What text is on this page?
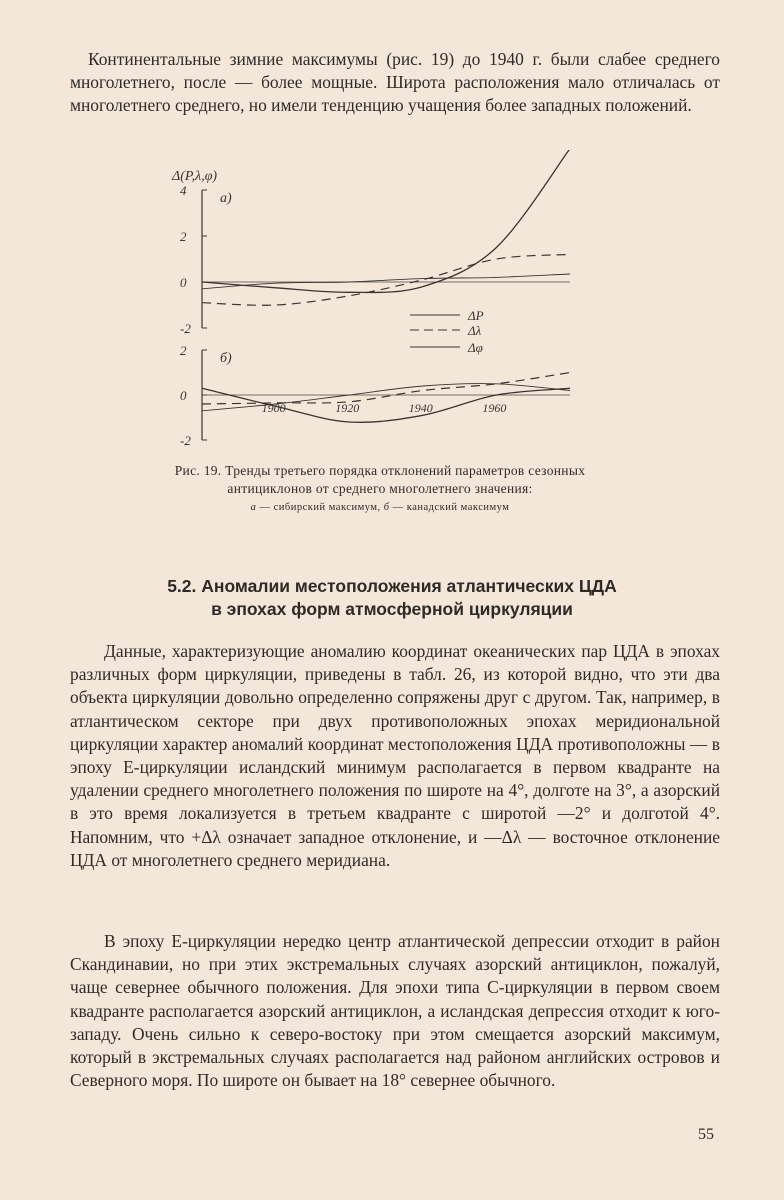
Континентальные зимние максимумы (рис. 19) до 1940 г. были слабее среднего многолетнего, после — более мощные. Широта расположения мало отличалась от многолетнего среднего, но имели тенденцию учащения более западных положений.

Δ(P,λ,φ)
4
2
0
-2
а)
2
0
-2
б)
1900	1920	1940	1960
ΔP
Δλ
Δφ
Рис. 19. Тренды третьего порядка отклонений параметров сезонных антициклонов от среднего многолетнего значения:
а — сибирский максимум, б — канадский максимум
5.2. Аномалии местоположения атлантических ЦДА
в эпохах форм атмосферной циркуляции

Данные, характеризующие аномалию координат океанических пар ЦДА в эпохах различных форм циркуляции, приведены в табл. 26, из которой видно, что эти два объекта циркуляции довольно определенно сопряжены друг с другом. Так, например, в атлантическом секторе при двух противоположных эпохах меридиональной циркуляции характер аномалий координат местоположения ЦДА противоположны — в эпоху Е-циркуляции исландский минимум располагается в первом квадранте на удалении среднего многолетнего положения по широте на 4°, долготе на 3°, а азорский в это время локализуется в третьем квадранте с широтой —2° и долготой 4°. Напомним, что +Δλ означает западное отклонение, и —Δλ — восточное отклонение ЦДА от многолетнего среднего меридиана.

В эпоху Е-циркуляции нередко центр атлантической депрессии отходит в район Скандинавии, но при этих экстремальных случаях азорский антициклон, пожалуй, чаще севернее обычного положения. Для эпохи типа С-циркуляции в первом своем квадранте располагается азорский антициклон, а исландская депрессия отходит к юго-западу. Очень сильно к северо-востоку при этом смещается азорский максимум, который в экстремальных случаях располагается над районом английских островов и Северного моря. По широте он бывает на 18° севернее обычного.

55
